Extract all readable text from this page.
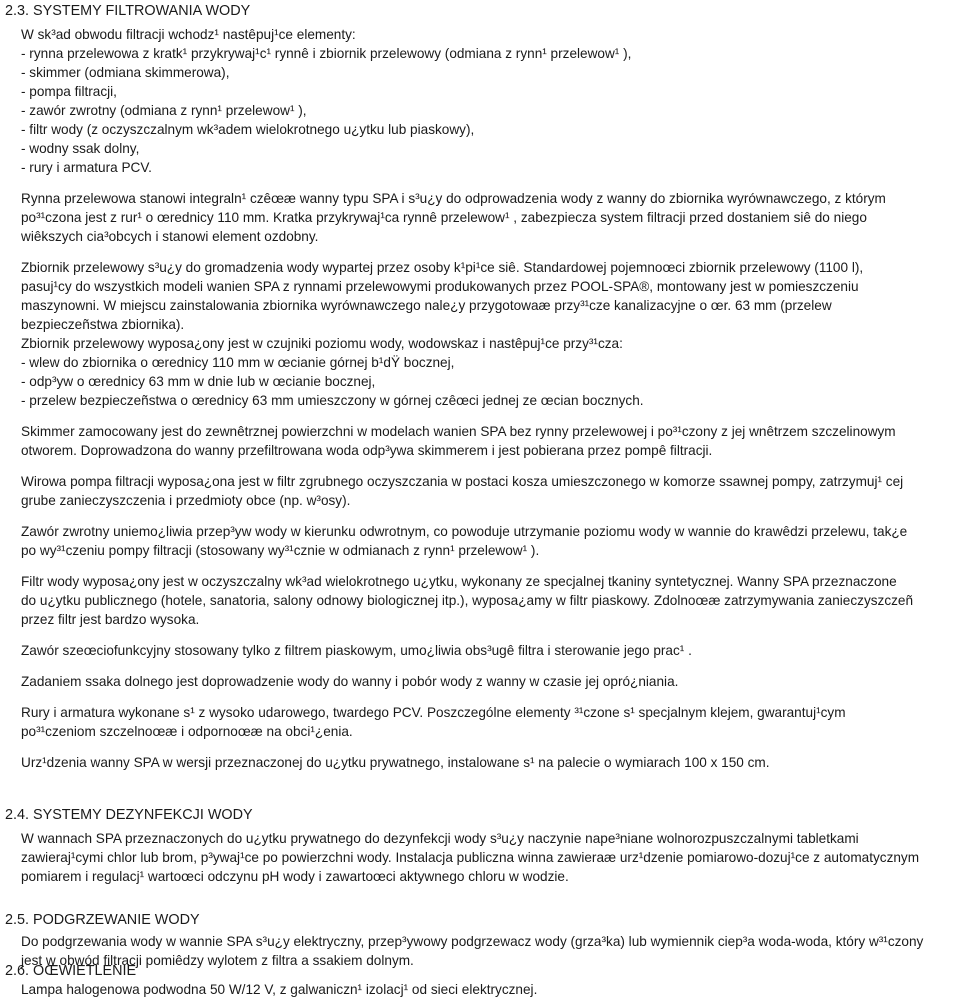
2.3. SYSTEMY FILTROWANIA WODY
W sk³ad obwodu filtracji wchodz¹ nastêpuj¹ce elementy:
- rynna przelewowa z kratk¹ przykrywaj¹c¹ rynnê i zbiornik przelewowy (odmiana z rynn¹ przelewow¹ ),
- skimmer (odmiana skimmerowa),
- pompa filtracji,
- zawór zwrotny (odmiana z rynn¹ przelewow¹ ),
- filtr wody (z oczyszczalnym wk³adem wielokrotnego u¿ytku lub piaskowy),
- wodny ssak dolny,
- rury i armatura PCV.
Rynna przelewowa stanowi integraln¹ czêœæ wanny typu SPA i s³u¿y do odprowadzenia wody z wanny do zbiornika wyrównawczego, z którym
po³¹czona jest z rur¹ o œrednicy 110 mm. Kratka przykrywaj¹ca rynnê przelewow¹ , zabezpiecza system filtracji przed dostaniem siê do niego
wiêkszych cia³obcych i stanowi element ozdobny.
Zbiornik przelewowy s³u¿y do gromadzenia wody wypartej przez osoby k¹pi¹ce siê. Standardowej pojemnoœci zbiornik przelewowy (1100 l),
pasuj¹cy do wszystkich modeli wanien SPA z rynnami przelewowymi produkowanych przez POOL-SPA®, montowany jest w pomieszczeniu
maszynowni. W miejscu zainstalowania zbiornika wyrównawczego nale¿y przygotowaæ przy³¹cze kanalizacyjne o œr. 63 mm (przelew
bezpieczeñstwa zbiornika).
Zbiornik przelewowy wyposa¿ony jest w czujniki poziomu wody, wodowskaz i nastêpuj¹ce przy³¹cza:
- wlew do zbiornika o œrednicy 110 mm w œcianie górnej b¹dŸ bocznej,
- odp³yw o œrednicy 63 mm w dnie lub w œcianie bocznej,
- przelew bezpieczeñstwa o œrednicy 63 mm umieszczony w górnej czêœci jednej ze œcian bocznych.
Skimmer zamocowany jest do zewnêtrznej powierzchni w modelach wanien SPA bez rynny przelewowej i po³¹czony z jej wnêtrzem szczelinowym
otworem. Doprowadzona do wanny przefiltrowana woda odp³ywa skimmerem i jest pobierana przez pompê filtracji.
Wirowa pompa filtracji wyposa¿ona jest w filtr zgrubnego oczyszczania w postaci kosza umieszczonego w komorze ssawnej pompy, zatrzymuj¹ cej
grube zanieczyszczenia i przedmioty obce (np. w³osy).
Zawór zwrotny uniemo¿liwia przep³yw wody w kierunku odwrotnym, co powoduje utrzymanie poziomu wody w wannie do krawêdzi przelewu, tak¿e
po wy³¹czeniu pompy filtracji (stosowany wy³¹cznie w odmianach z rynn¹ przelewow¹ ).
Filtr wody wyposa¿ony jest w oczyszczalny wk³ad wielokrotnego u¿ytku, wykonany ze specjalnej tkaniny syntetycznej. Wanny SPA przeznaczone
do u¿ytku publicznego (hotele, sanatoria, salony odnowy biologicznej itp.), wyposa¿amy w filtr piaskowy. Zdolnoœæ zatrzymywania zanieczyszczeñ
przez filtr jest bardzo wysoka.
Zawór szeœciofunkcyjny stosowany tylko z filtrem piaskowym, umo¿liwia obs³ugê filtra i sterowanie jego prac¹ .
Zadaniem ssaka dolnego jest doprowadzenie wody do wanny i pobór wody z wanny w czasie jej opró¿niania.
Rury i armatura wykonane s¹ z wysoko udarowego, twardego PCV. Poszczególne elementy ³¹czone s¹ specjalnym klejem, gwarantuj¹cym
po³¹czeniom szczelnoœæ i odpornoœæ na obci¹¿enia.
Urz¹dzenia wanny SPA w wersji przeznaczonej do u¿ytku prywatnego, instalowane s¹ na palecie o wymiarach 100 x 150 cm.
2.4. SYSTEMY DEZYNFEKCJI WODY
W wannach SPA przeznaczonych do u¿ytku prywatnego do dezynfekcji wody s³u¿y naczynie nape³niane wolnorozpuszczalnymi tabletkami
zawieraj¹cymi chlor lub brom, p³ywaj¹ce po powierzchni wody. Instalacja publiczna winna zawieraæ urz¹dzenie pomiarowo-dozuj¹ce z automatycznym
pomiarem i regulacj¹ wartoœci odczynu pH wody i zawartoœci aktywnego chloru w wodzie.
2.5. PODGRZEWANIE WODY
Do podgrzewania wody w wannie SPA s³u¿y elektryczny, przep³ywowy podgrzewacz wody (grza³ka) lub wymiennik ciep³a woda-woda, który w³¹czony
jest w obwód filtracji pomiêdzy wylotem z filtra a ssakiem dolnym.
2.6. OŒWIETLENIE
Lampa halogenowa podwodna 50 W/12 V, z galwaniczn¹ izolacj¹ od sieci elektrycznej.
